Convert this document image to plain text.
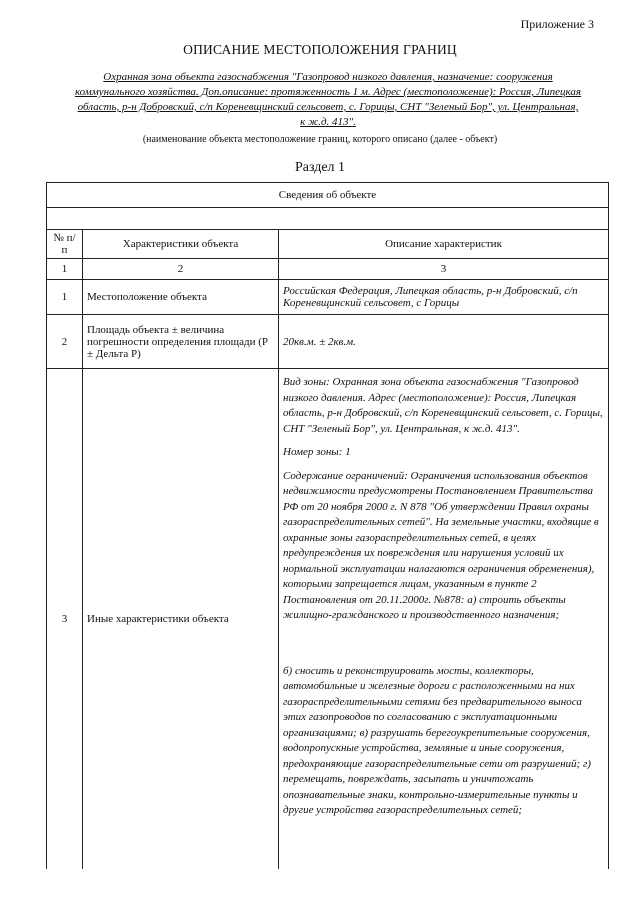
Приложение 3
ОПИСАНИЕ МЕСТОПОЛОЖЕНИЯ ГРАНИЦ
Охранная зона объекта газоснабжения "Газопровод низкого давления, назначение: сооружения
коммунального хозяйства. Доп.описание: протяженность 1 м. Адрес (местоположение): Россия, Липецкая
область, р-н Добровский, с/п Кореневщинский сельсовет, с. Горицы, СНТ "Зеленый Бор", ул. Центральная,
к ж.д. 413".
(наименование объекта местоположение границ, которого описано (далее - объект)
Раздел 1
Сведения об объекте		

№ п/п	Характеристики объекта	Описание характеристик
1	2	3
1	Местоположение объекта	Российская Федерация, Липецкая область, р-н Добровский, с/п Кореневщинский сельсовет, с Горицы
2	Площадь объекта ± величина погрешности определения площади (P ± Дельта P)	20кв.м. ± 2кв.м.
3	Иные характеристики объекта	Вид зоны: Охранная зона объекта газоснабжения "Газопровод низкого давления. Адрес (местоположение): Россия, Липецкая область, р-н Добровский, с/п Кореневщинский сельсовет, с. Горицы, СНТ "Зеленый Бор", ул. Центральная, к ж.д. 413".
Номер зоны: 1
Содержание ограничений: Ограничения использования объектов недвижимости предусмотрены Постановлением Правительства РФ от 20 ноября 2000 г. N 878 "Об утверждении Правил охраны газораспределительных сетей". На земельные участки, входящие в охранные зоны газораспределительных сетей, в целях предупреждения их повреждения или нарушения условий их нормальной эксплуатации налагаются ограничения обременения), которыми запрещается лицам, указанным в пункте 2 Постановления от 20.11.2000г. №878: а) строить объекты жилищно-гражданского и производственного назначения;
б) сносить и реконструировать мосты, коллекторы, автомобильные и железные дороги с расположенными на них газораспределительными сетями без предварительного выноса этих газопроводов по согласованию с эксплуатационными организациями; в) разрушать берегоукрепительные сооружения, водопропускные устройства, земляные и иные сооружения, предохраняющие газораспределительные сети от разрушений; г) перемещать, повреждать, засыпать и уничтожать опознавательные знаки, контрольно-измерительные пункты и другие устройства газораспределительных сетей;
